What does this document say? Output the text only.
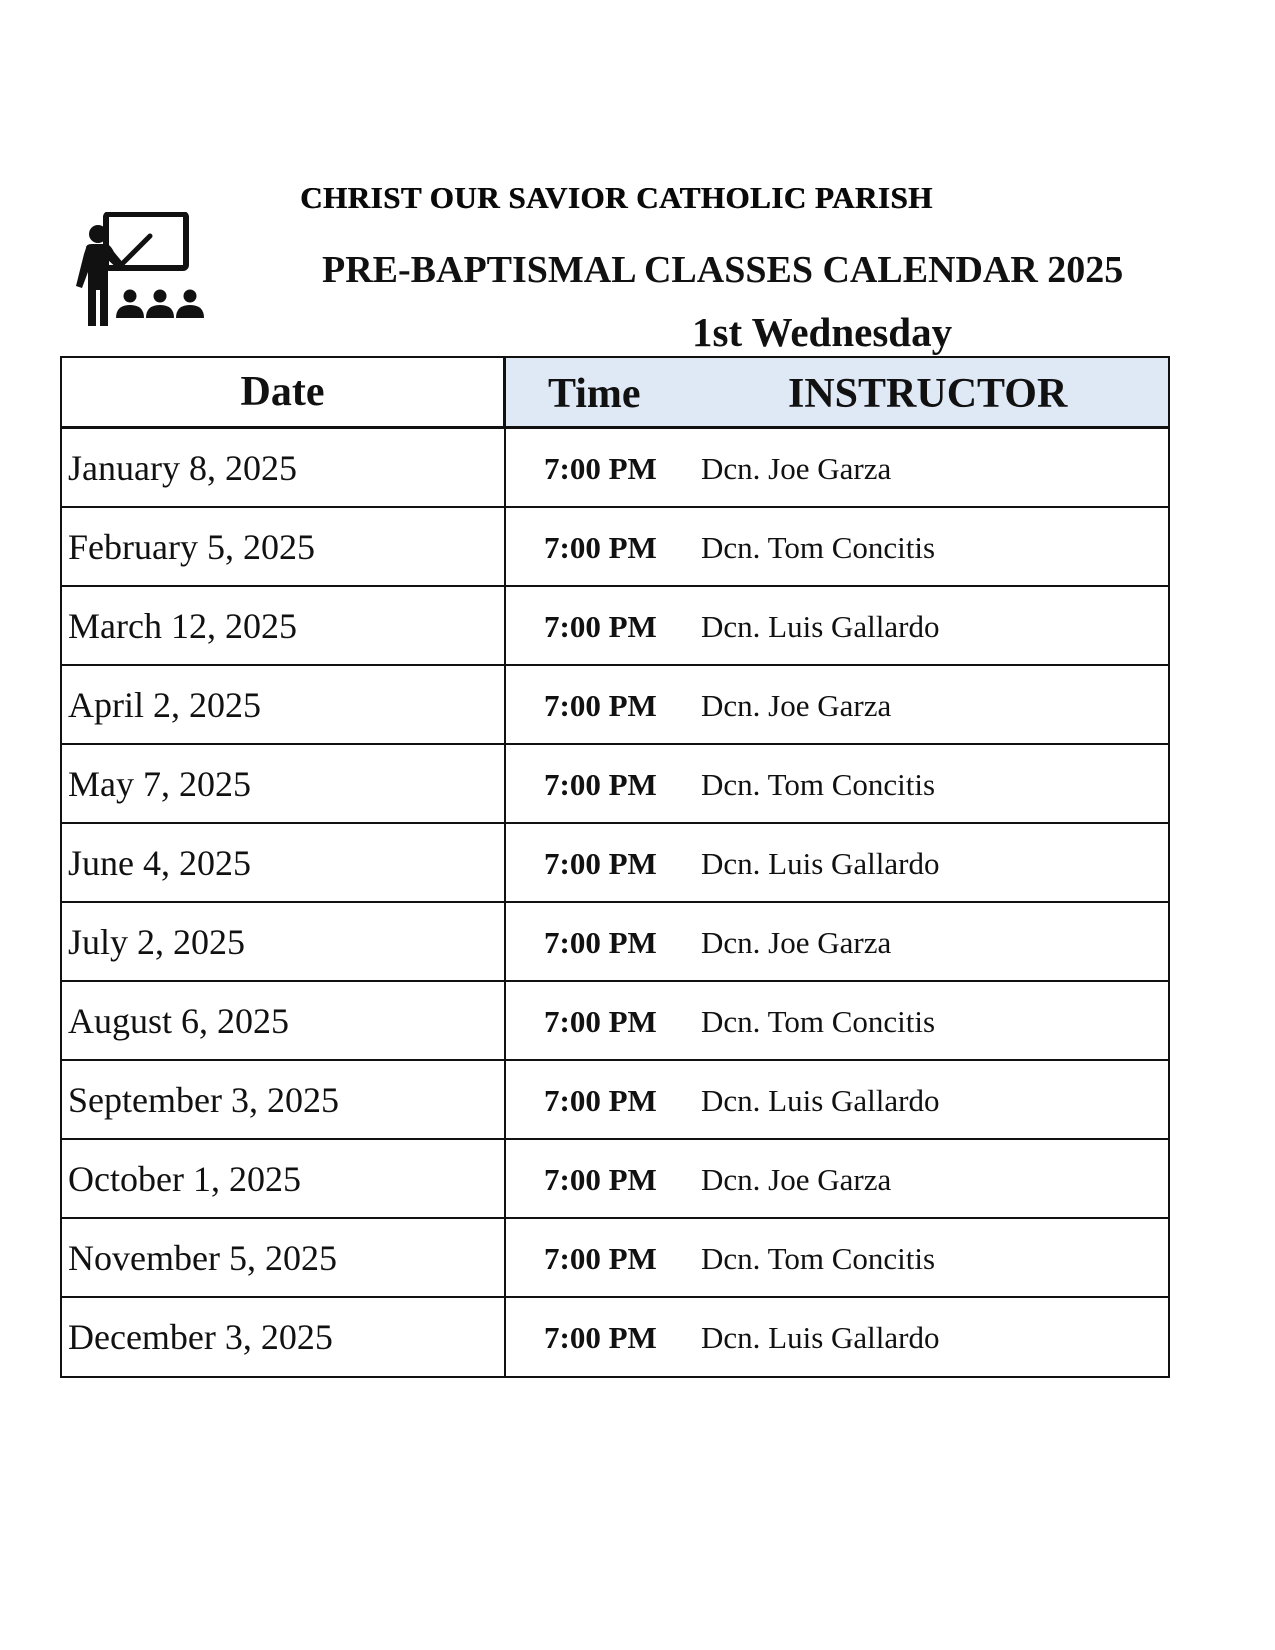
CHRIST OUR SAVIOR CATHOLIC PARISH
PRE-BAPTISMAL CLASSES CALENDAR 2025
1st Wednesday
Date	Time	INSTRUCTOR
January 8, 2025	7:00 PM Dcn. Joe Garza
February 5, 2025	7:00 PM Dcn. Tom Concitis
March 12, 2025	7:00 PM Dcn. Luis Gallardo
April 2, 2025	7:00 PM Dcn. Joe Garza
May 7, 2025	7:00 PM Dcn. Tom Concitis
June 4, 2025	7:00 PM Dcn. Luis Gallardo
July 2, 2025	7:00 PM Dcn. Joe Garza
August 6, 2025	7:00 PM Dcn. Tom Concitis
September 3, 2025	7:00 PM Dcn. Luis Gallardo
October 1, 2025	7:00 PM Dcn. Joe Garza
November 5, 2025	7:00 PM Dcn. Tom Concitis
December 3, 2025	7:00 PM Dcn. Luis Gallardo
